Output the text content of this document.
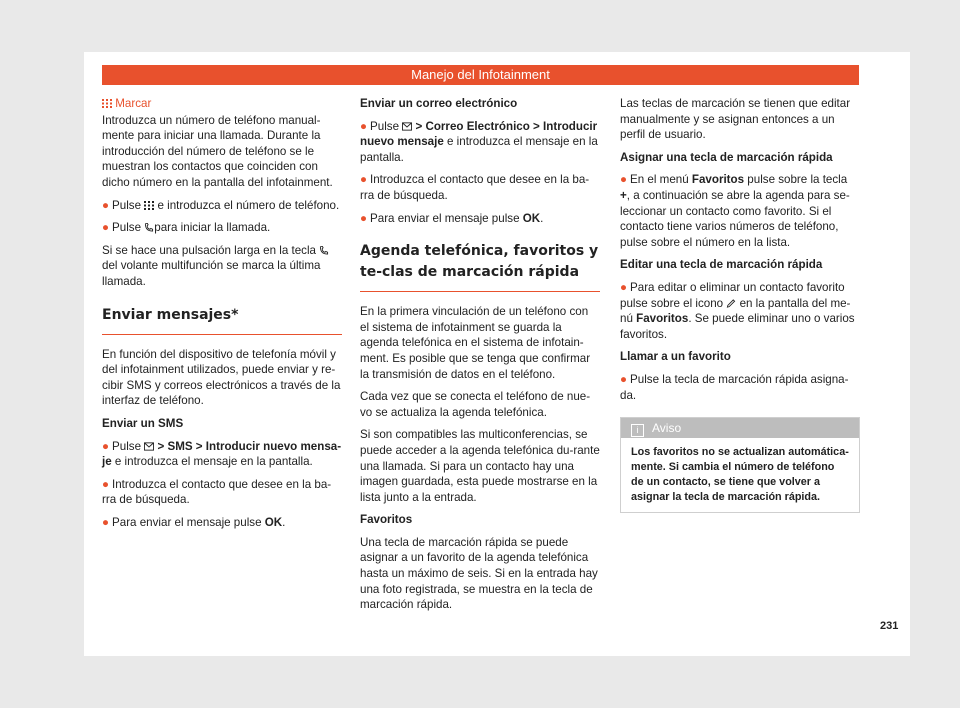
Manejo del Infotainment

Marcar

Introduzca un número de teléfono manual-mente para iniciar una llamada. Durante la introducción del número de teléfono se le muestran los contactos que coinciden con dicho número en la pantalla del infotainment.

● Pulse  e introduzca el número de teléfono.

● Pulse para iniciar la llamada.

Si se hace una pulsación larga en la tecla  del volante multifunción se marca la última llamada.

Enviar mensajes*

En función del dispositivo de telefonía móvil y del infotainment utilizados, puede enviar y re-cibir SMS y correos electrónicos a través de la interfaz de teléfono.

Enviar un SMS

● Pulse  > SMS > Introducir nuevo mensa-je e introduzca el mensaje en la pantalla.

● Introduzca el contacto que desee en la ba-rra de búsqueda.

● Para enviar el mensaje pulse OK.

Enviar un correo electrónico

● Pulse  > Correo Electrónico > Introducir nuevo mensaje e introduzca el mensaje en la pantalla.

● Introduzca el contacto que desee en la ba-rra de búsqueda.

● Para enviar el mensaje pulse OK.

Agenda telefónica, favoritos y te-clas de marcación rápida

En la primera vinculación de un teléfono con el sistema de infotainment se guarda la agenda telefónica en el sistema de infotain-ment. Es posible que se tenga que confirmar la transmisión de datos en el teléfono.

Cada vez que se conecta el teléfono de nue-vo se actualiza la agenda telefónica.

Si son compatibles las multiconferencias, se puede acceder a la agenda telefónica du-rante una llamada. Si para un contacto hay una imagen guardada, esta puede mostrarse en la lista junto a la entrada.

Favoritos

Una tecla de marcación rápida se puede asignar a un favorito de la agenda telefónica hasta un máximo de seis. Si en la entrada hay una foto registrada, se muestra en la tecla de marcación rápida.

Las teclas de marcación se tienen que editar manualmente y se asignan entonces a un perfil de usuario.

Asignar una tecla de marcación rápida

● En el menú Favoritos pulse sobre la tecla +, a continuación se abre la agenda para se-leccionar un contacto como favorito. Si el contacto tiene varios números de teléfono, pulse sobre el número en la lista.

Editar una tecla de marcación rápida

● Para editar o eliminar un contacto favorito pulse sobre el icono  en la pantalla del me-nú Favoritos. Se puede eliminar uno o varios favoritos.

Llamar a un favorito

● Pulse la tecla de marcación rápida asigna-da.

i Aviso
Los favoritos no se actualizan automática-mente. Si cambia el número de teléfono de un contacto, se tiene que volver a asignar la tecla de marcación rápida.
231
